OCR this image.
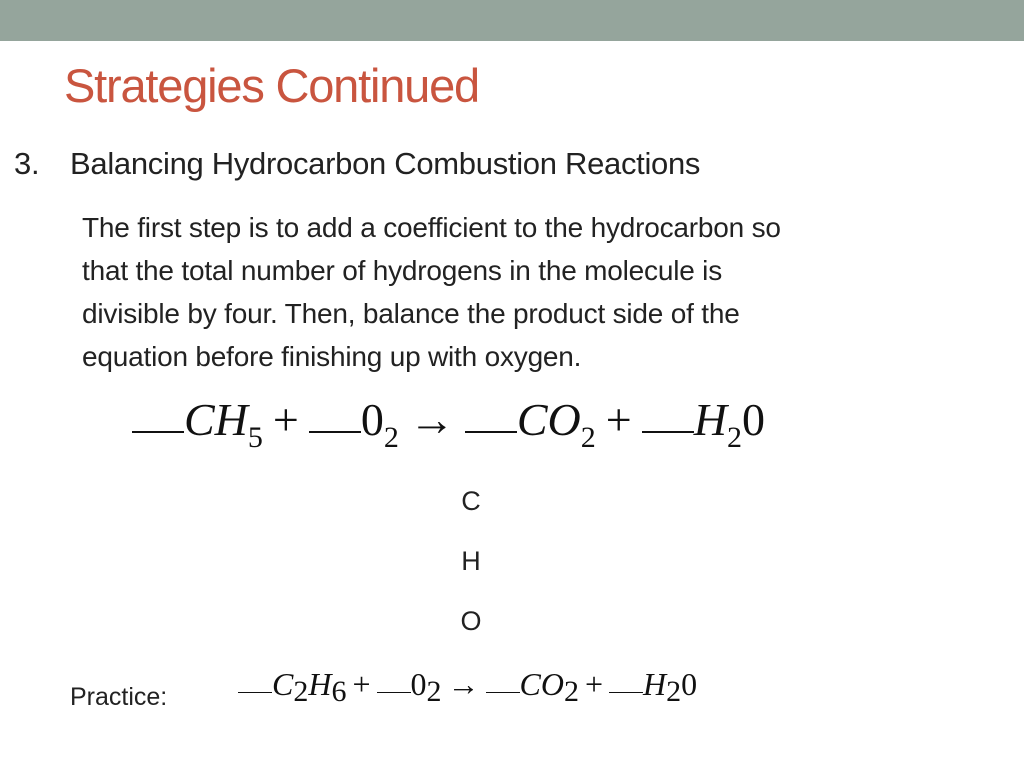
Strategies Continued
3. Balancing Hydrocarbon Combustion Reactions
The first step is to add a coefficient to the hydrocarbon so
that the total number of hydrogens in the molecule is
divisible by four. Then, balance the product side of the
equation before finishing up with oxygen.
$CH_5 + 0_2 \to CO_2 + H_20$
C
H
O
Practice:	C2H6 + 02 → CO2 + H20
